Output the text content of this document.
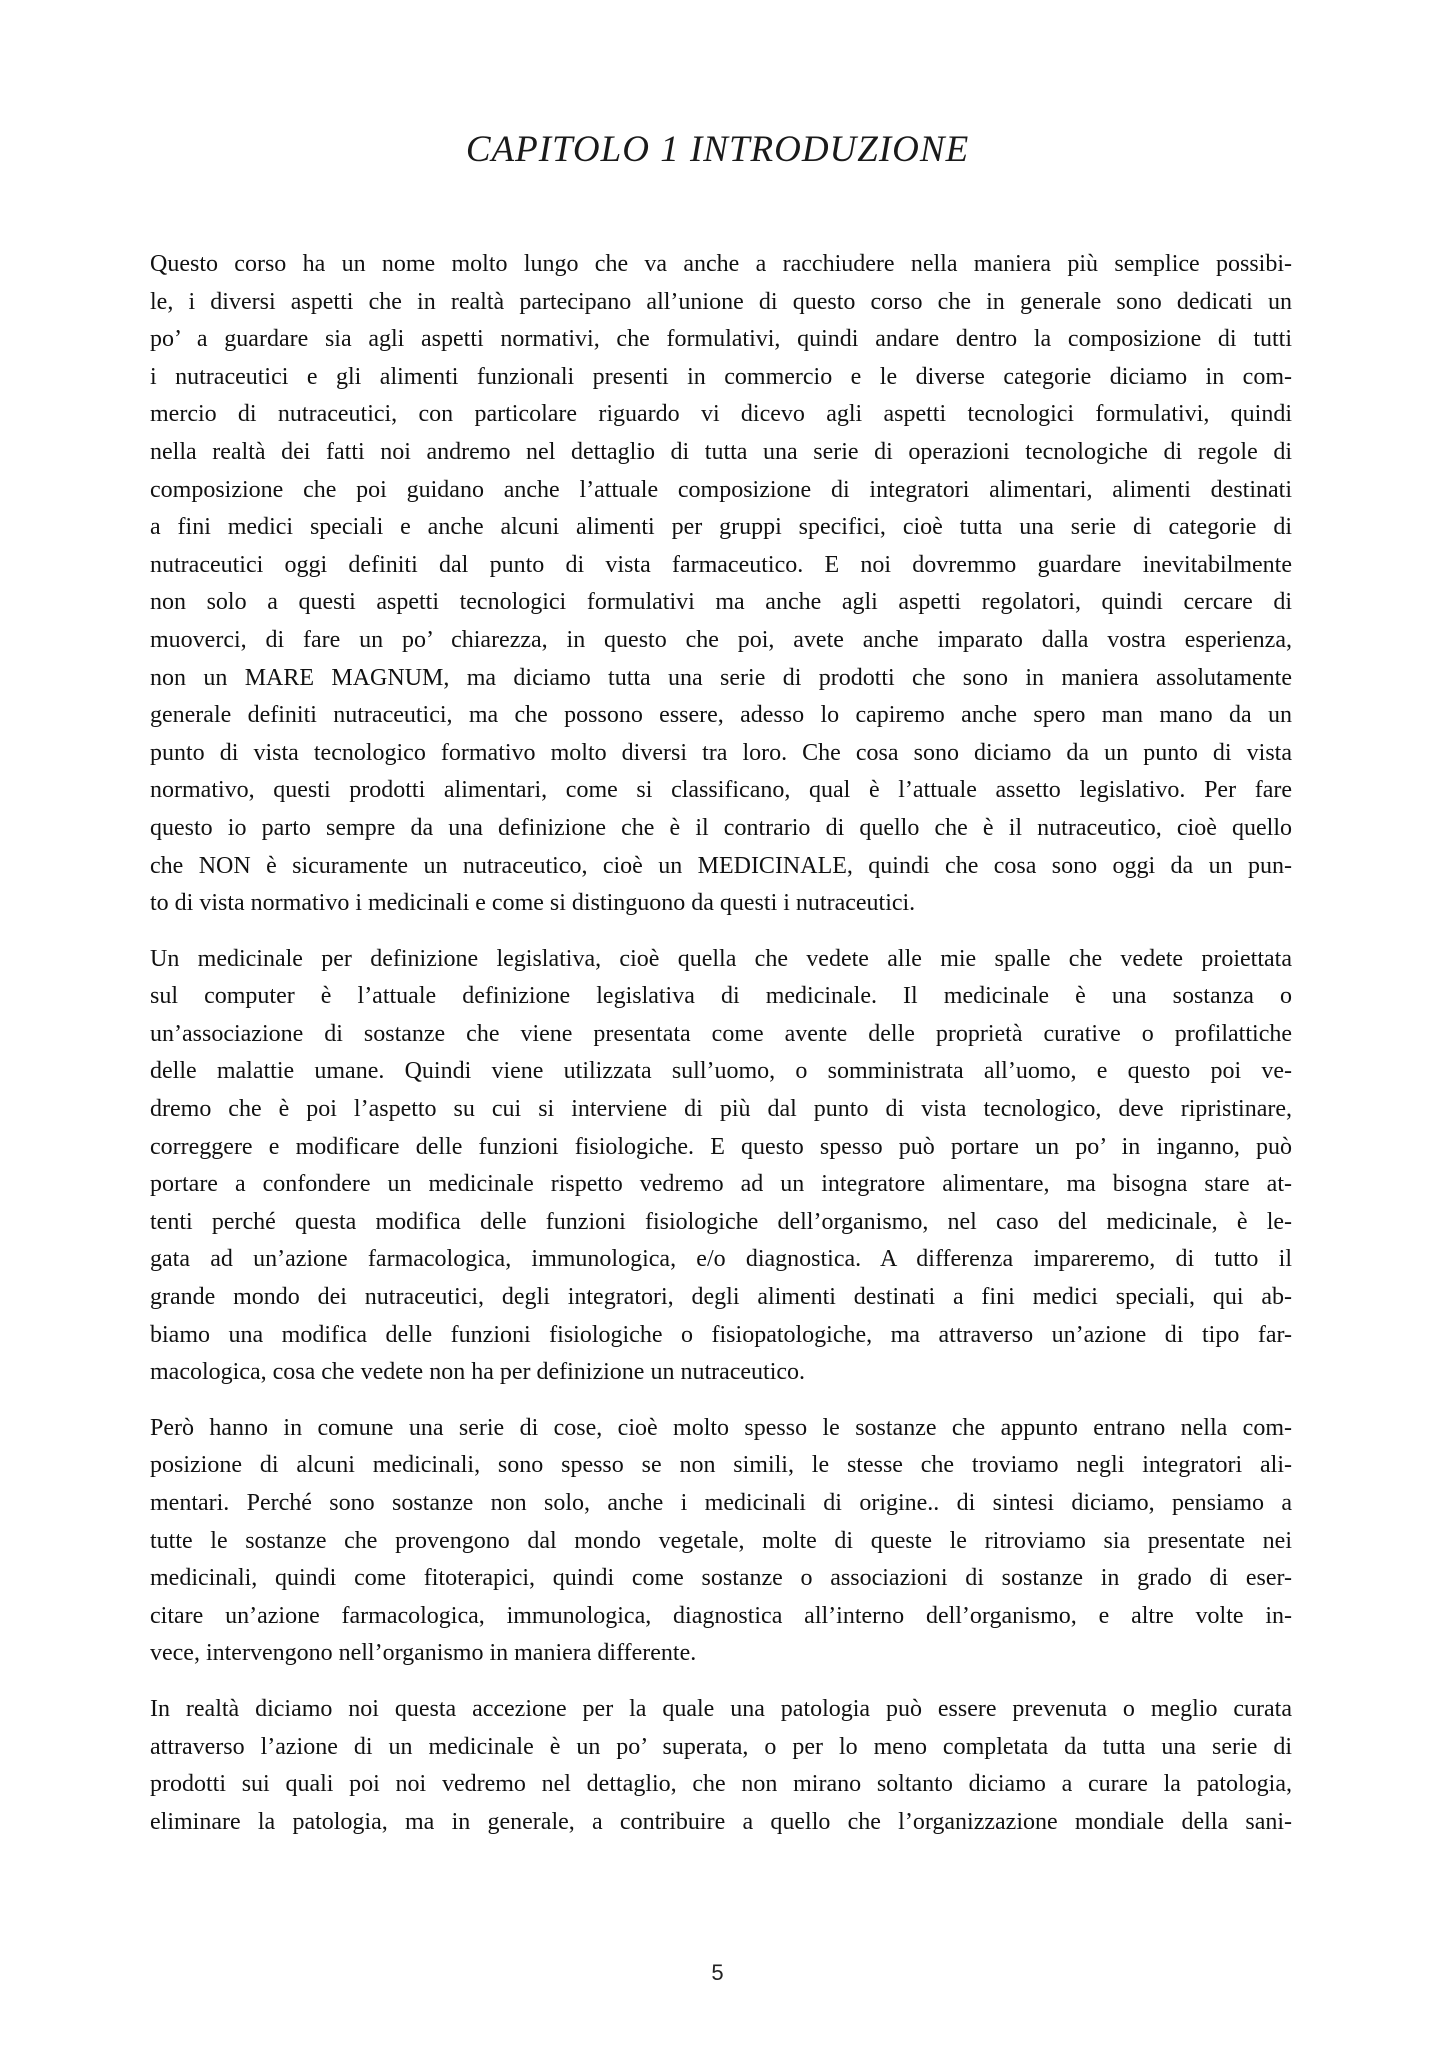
CAPITOLO 1 INTRODUZIONE
Questo corso ha un nome molto lungo che va anche a racchiudere nella maniera più semplice possibi-
le, i diversi aspetti che in realtà partecipano all’unione di questo corso che in generale sono dedicati un
po’ a guardare sia agli aspetti normativi, che formulativi, quindi andare dentro la composizione di tutti
i nutraceutici e gli alimenti funzionali presenti in commercio e le diverse categorie diciamo in com-
mercio di nutraceutici, con particolare riguardo vi dicevo agli aspetti tecnologici formulativi, quindi
nella realtà dei fatti noi andremo nel dettaglio di tutta una serie di operazioni tecnologiche di regole di
composizione che poi guidano anche l’attuale composizione di integratori alimentari, alimenti destinati
a fini medici speciali e anche alcuni alimenti per gruppi specifici, cioè tutta una serie di categorie di
nutraceutici oggi definiti dal punto di vista farmaceutico. E noi dovremmo guardare inevitabilmente
non solo a questi aspetti tecnologici formulativi ma anche agli aspetti regolatori, quindi cercare di
muoverci, di fare un po’ chiarezza, in questo che poi, avete anche imparato dalla vostra esperienza,
non un MARE MAGNUM, ma diciamo tutta una serie di prodotti che sono in maniera assolutamente
generale definiti nutraceutici, ma che possono essere, adesso lo capiremo anche spero man mano da un
punto di vista tecnologico formativo molto diversi tra loro. Che cosa sono diciamo da un punto di vista
normativo, questi prodotti alimentari, come si classificano, qual è l’attuale assetto legislativo. Per fare
questo io parto sempre da una definizione che è il contrario di quello che è il nutraceutico, cioè quello
che NON è sicuramente un nutraceutico, cioè un MEDICINALE, quindi che cosa sono oggi da un pun-
to di vista normativo i medicinali e come si distinguono da questi i nutraceutici.
Un medicinale per definizione legislativa, cioè quella che vedete alle mie spalle che vedete proiettata
sul computer è l’attuale definizione legislativa di medicinale. Il medicinale è una sostanza o
un’associazione di sostanze che viene presentata come avente delle proprietà curative o profilattiche
delle malattie umane. Quindi viene utilizzata sull’uomo, o somministrata all’uomo, e questo poi ve-
dremo che è poi l’aspetto su cui si interviene di più dal punto di vista tecnologico, deve ripristinare,
correggere e modificare delle funzioni fisiologiche. E questo spesso può portare un po’ in inganno, può
portare a confondere un medicinale rispetto vedremo ad un integratore alimentare, ma bisogna stare at-
tenti perché questa modifica delle funzioni fisiologiche dell’organismo, nel caso del medicinale, è le-
gata ad un’azione farmacologica, immunologica, e/o diagnostica. A differenza impareremo, di tutto il
grande mondo dei nutraceutici, degli integratori, degli alimenti destinati a fini medici speciali, qui ab-
biamo una modifica delle funzioni fisiologiche o fisiopatologiche, ma attraverso un’azione di tipo far-
macologica, cosa che vedete non ha per definizione un nutraceutico.
Però hanno in comune una serie di cose, cioè molto spesso le sostanze che appunto entrano nella com-
posizione di alcuni medicinali, sono spesso se non simili, le stesse che troviamo negli integratori ali-
mentari. Perché sono sostanze non solo, anche i medicinali di origine.. di sintesi diciamo, pensiamo a
tutte le sostanze che provengono dal mondo vegetale, molte di queste le ritroviamo sia presentate nei
medicinali, quindi come fitoterapici, quindi come sostanze o associazioni di sostanze in grado di eser-
citare un’azione farmacologica, immunologica, diagnostica all’interno dell’organismo, e altre volte in-
vece, intervengono nell’organismo in maniera differente.
In realtà diciamo noi questa accezione per la quale una patologia può essere prevenuta o meglio curata
attraverso l’azione di un medicinale è un po’ superata, o per lo meno completata da tutta una serie di
prodotti sui quali poi noi vedremo nel dettaglio, che non mirano soltanto diciamo a curare la patologia,
eliminare la patologia, ma in generale, a contribuire a quello che l’organizzazione mondiale della sani-
5
